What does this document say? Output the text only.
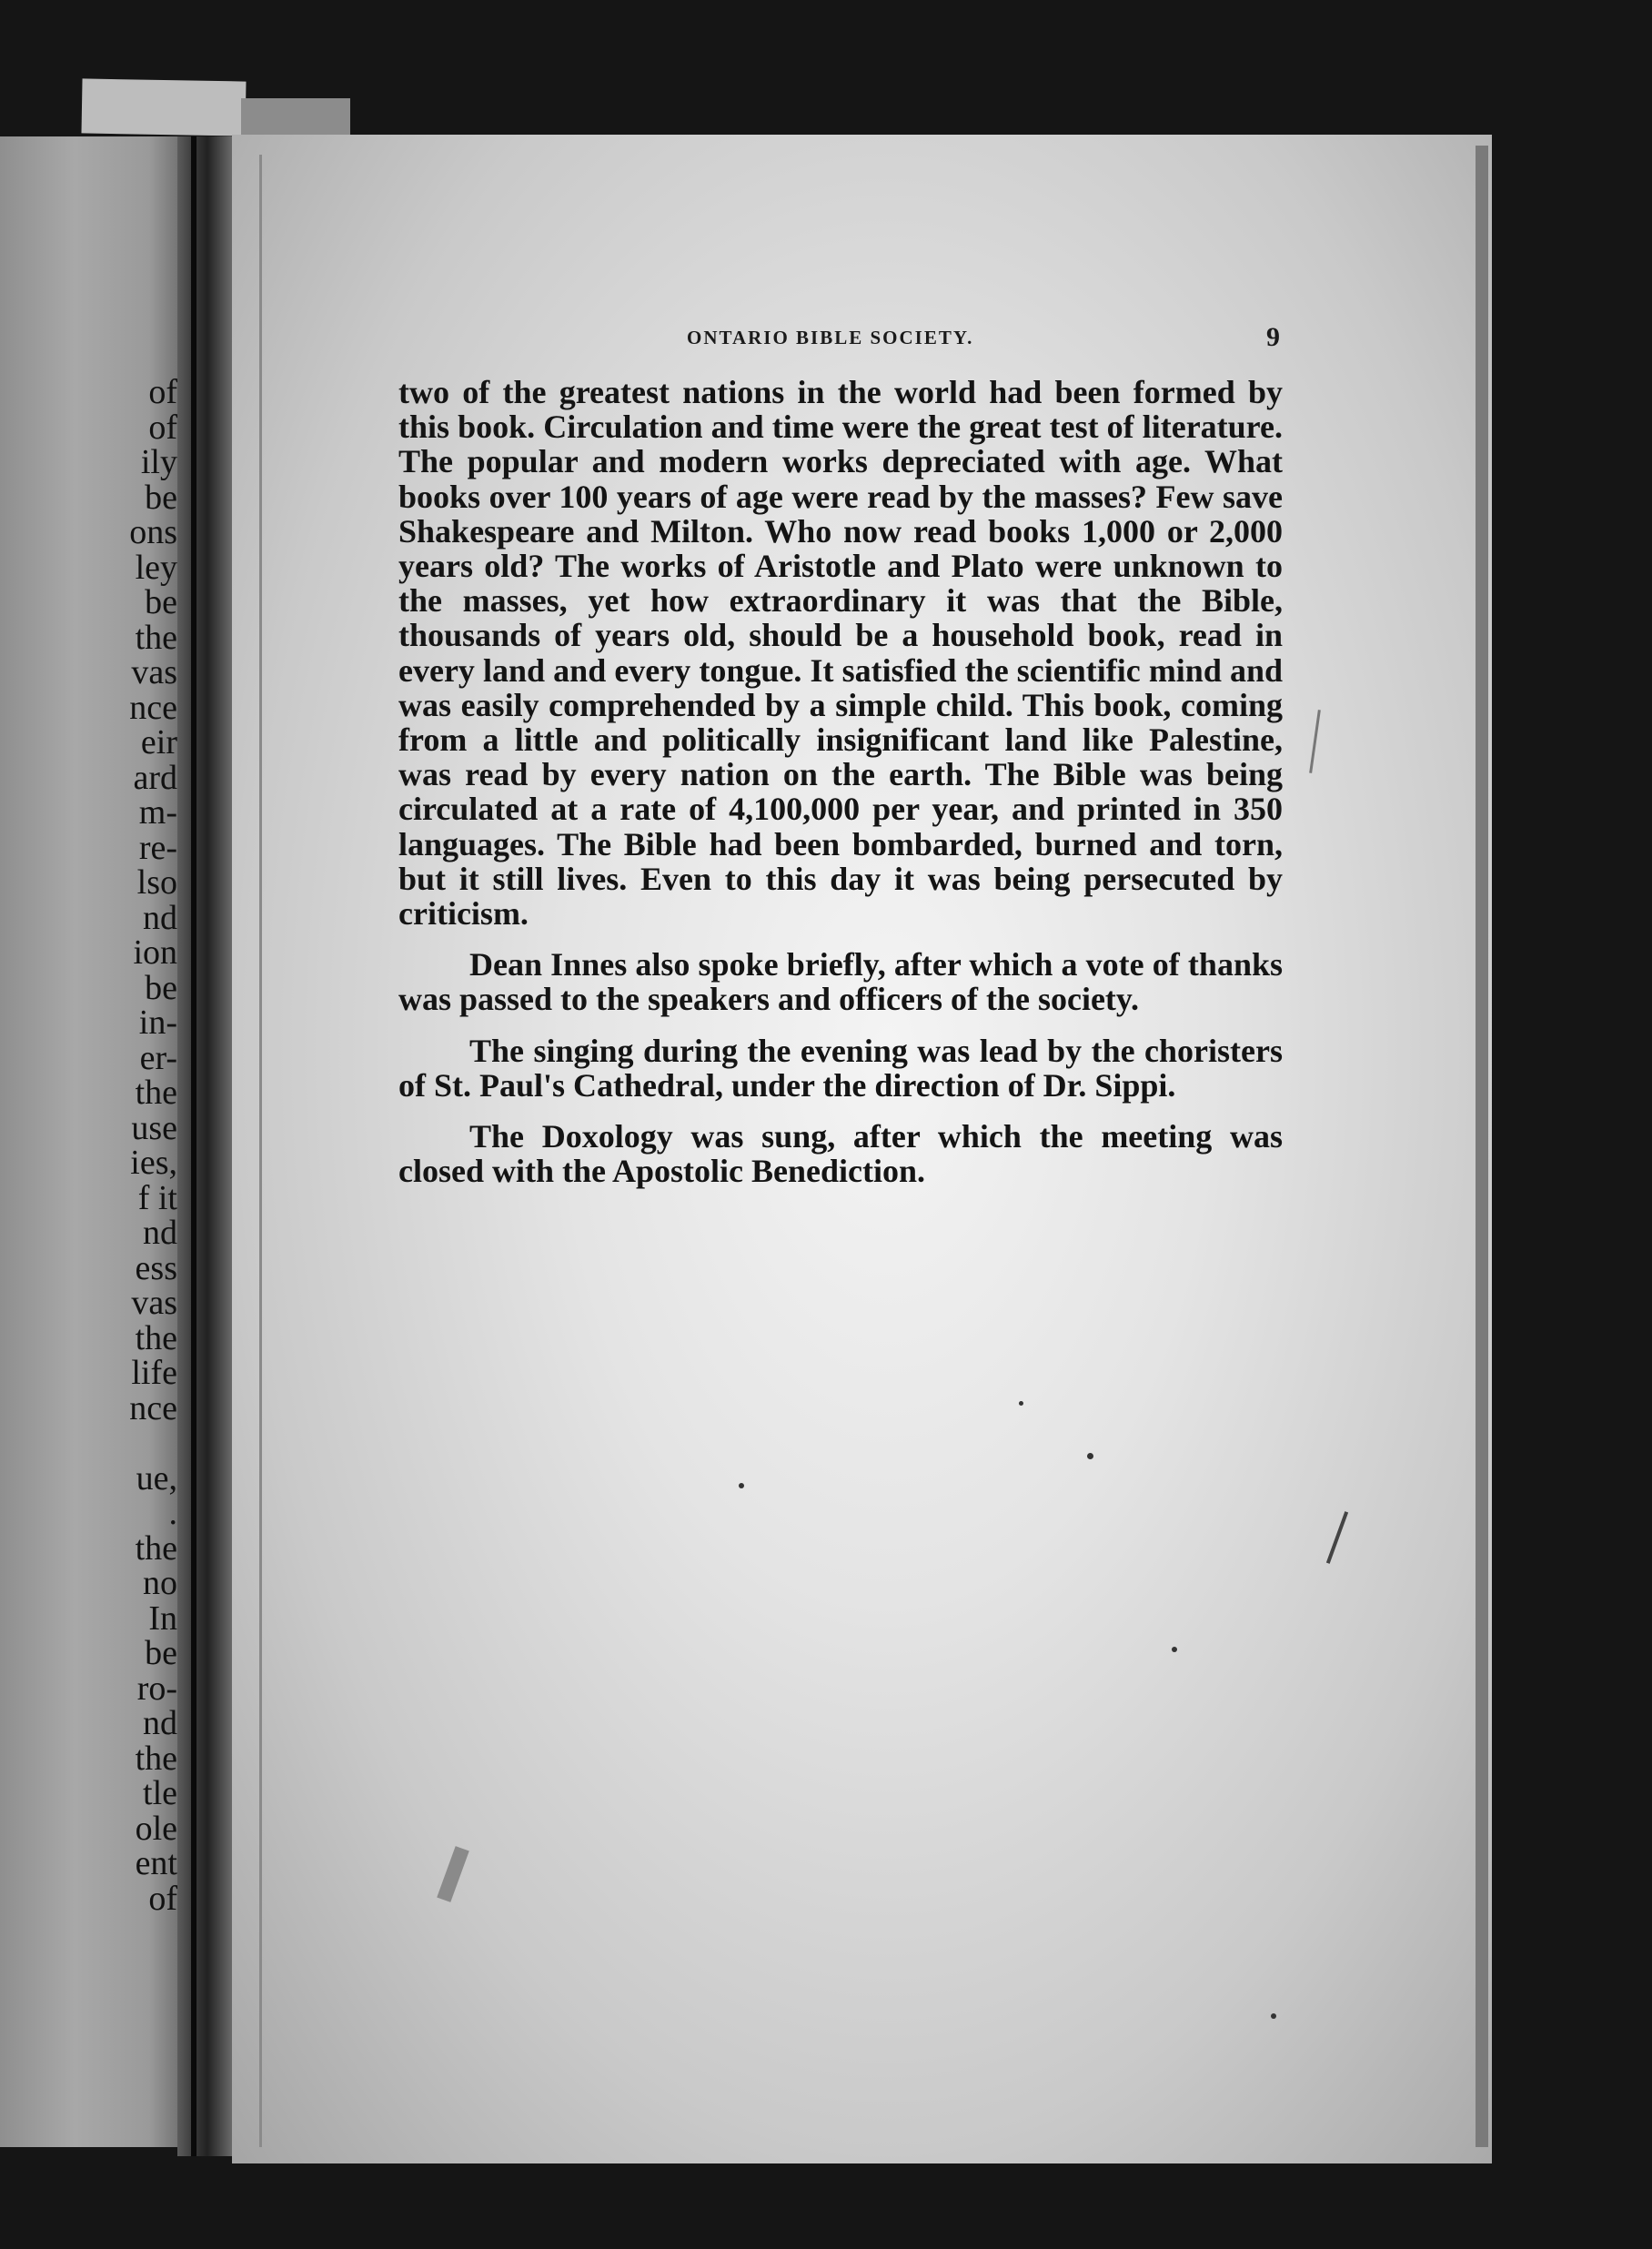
of
of
ily
be
ons
ley
be
the
vas
nce
eir
ard
m-
re-
lso
nd
ion
be
in-
er-
the
use
ies,
f it
nd
ess
vas
the
life
nce

ue,
.
the
no
In
be
ro-
nd
the
tle
ole
ent
of
ONTARIO BIBLE SOCIETY.	9

two of the greatest nations in the world had been formed by this book. Circulation and time were the great test of literature. The popular and modern works depreciated with age. What books over 100 years of age were read by the masses? Few save Shakespeare and Milton. Who now read books 1,000 or 2,000 years old? The works of Aristotle and Plato were unknown to the masses, yet how extraordinary it was that the Bible, thousands of years old, should be a household book, read in every land and every tongue. It satisfied the scientific mind and was easily comprehended by a simple child. This book, coming from a little and politically insignificant land like Palestine, was read by every nation on the earth. The Bible was being circulated at a rate of 4,100,000 per year, and printed in 350 languages. The Bible had been bombarded, burned and torn, but it still lives. Even to this day it was being persecuted by criticism.

Dean Innes also spoke briefly, after which a vote of thanks was passed to the speakers and officers of the society.

The singing during the evening was lead by the choristers of St. Paul's Cathedral, under the direction of Dr. Sippi.

The Doxology was sung, after which the meeting was closed with the Apostolic Benediction.
